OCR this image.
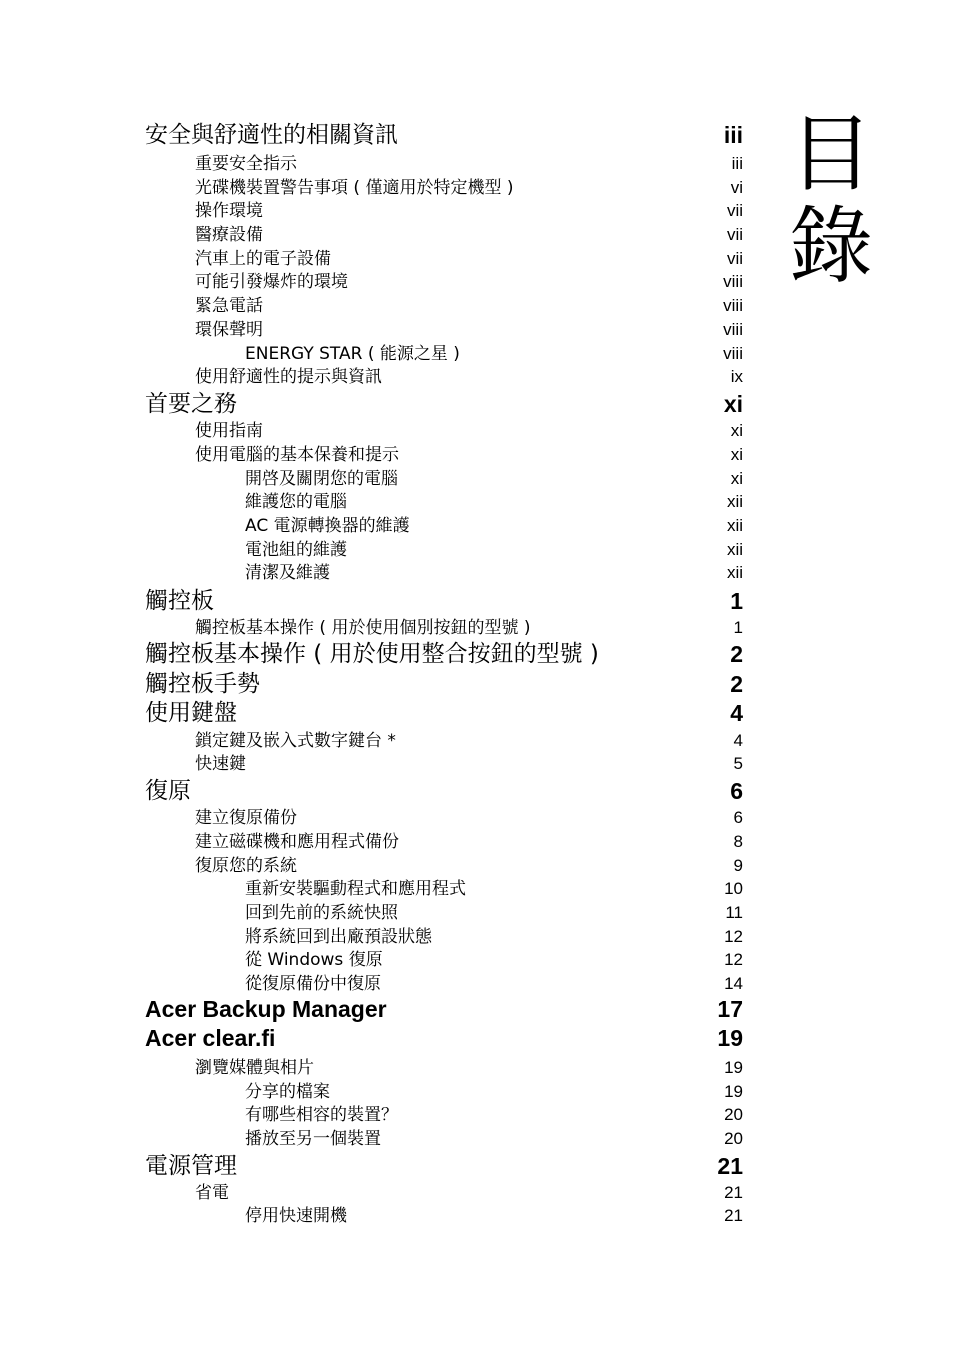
目
錄
安全與舒適性的相關資訊	iii
重要安全指示	iii
光碟機裝置警告事項 ( 僅適用於特定機型 )	vi
操作環境	vii
醫療設備	vii
汽車上的電子設備	vii
可能引發爆炸的環境	viii
緊急電話	viii
環保聲明	viii
ENERGY STAR ( 能源之星 )	viii
使用舒適性的提示與資訊	ix
首要之務	xi
使用指南	xi
使用電腦的基本保養和提示	xi
開啓及關閉您的電腦	xi
維護您的電腦	xii
AC 電源轉換器的維護	xii
電池組的維護	xii
清潔及維護	xii
觸控板	1
觸控板基本操作 ( 用於使用個別按鈕的型號 )	1
觸控板基本操作 ( 用於使用整合按鈕的型號 )	2
觸控板手勢	2
使用鍵盤	4
鎖定鍵及嵌入式數字鍵台 *	4
快速鍵	5
復原	6
建立復原備份	6
建立磁碟機和應用程式備份	8
復原您的系統	9
重新安裝驅動程式和應用程式	10
回到先前的系統快照	11
將系統回到出廠預設狀態	12
從 Windows 復原	12
從復原備份中復原	14
Acer Backup Manager	17
Acer clear.fi	19
瀏覽媒體與相片	19
分享的檔案	19
有哪些相容的裝置？	20
播放至另一個裝置	20
電源管理	21
省電	21
停用快速開機	21
